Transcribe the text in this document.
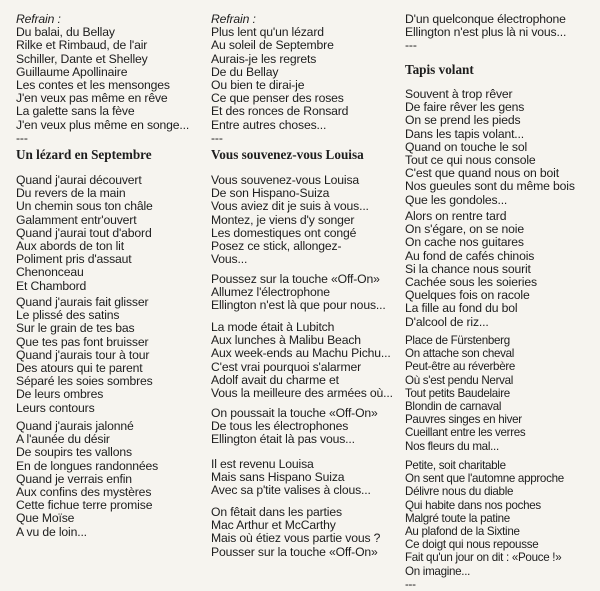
Refrain :
Du balai, du Bellay
Rilke et Rimbaud, de l'air
Schiller, Dante et Shelley
Guillaume Apollinaire
Les contes et les mensonges
J'en veux pas même en rêve
La galette sans la fève
J'en veux plus même en songe...
---
Un lézard en Septembre
Quand j'aurai découvert
Du revers de la main
Un chemin sous ton châle
Galamment entr'ouvert
Quand j'aurai tout d'abord
Aux abords de ton lit
Poliment pris d'assaut
Chenonceau
Et Chambord
Quand j'aurais fait glisser
Le plissé des satins
Sur le grain de tes bas
Que tes pas font bruisser
Quand j'aurais tour à tour
Des atours qui te parent
Séparé les soies sombres
De leurs ombres
Leurs contours
Quand j'aurais jalonné
A l'aunée du désir
De soupirs tes vallons
En de longues randonnées
Quand je verrais enfin
Aux confins des mystères
Cette fichue terre promise
Que Moïse
A vu de loin...
Refrain :
Plus lent qu'un lézard
Au soleil de Septembre
Aurais-je les regrets
De du Bellay
Ou bien te dirai-je
Ce que penser des roses
Et des ronces de Ronsard
Entre autres choses...
---
Vous souvenez-vous Louisa
Vous souvenez-vous Louisa
De son Hispano-Suiza
Vous aviez dit je suis à vous...
Montez, je viens d'y songer
Les domestiques ont congé
Posez ce stick, allongez-
Vous...
Poussez sur la touche «Off-On»
Allumez l'électrophone
Ellington n'est là que pour nous...
La mode était à Lubitch
Aux lunches à Malibu Beach
Aux week-ends au Machu Pichu...
C'est vrai pourquoi s'alarmer
Adolf avait du charme et
Vous la meilleure des armées où...
On poussait la touche «Off-On»
De tous les électrophones
Ellington était là pas vous...
Il est revenu Louisa
Mais sans Hispano Suiza
Avec sa p'tite valises à clous...
On fêtait dans les parties
Mac Arthur et McCarthy
Mais où étiez vous partie vous ?
Pousser sur la touche «Off-On»
D'un quelconque électrophone
Ellington n'est plus là ni vous...
---
Tapis volant
Souvent à trop rêver
De faire rêver les gens
On se prend les pieds
Dans les tapis volant...
Quand on touche le sol
Tout ce qui nous console
C'est que quand nous on boit
Nos gueules sont du même bois
Que les gondoles...
Alors on rentre tard
On s'égare, on se noie
On cache nos guitares
Au fond de cafés chinois
Si la chance nous sourit
Cachée sous les soieries
Quelques fois on racole
La fille au fond du bol
D'alcool de riz...
Place de Fürstenberg
On attache son cheval
Peut-être au réverbère
Où s'est pendu Nerval
Tout petits Baudelaire
Blondin de carnaval
Pauvres singes en hiver
Cueillant entre les verres
Nos fleurs du mal...
Petite, soit charitable
On sent que l'automne approche
Délivre nous du diable
Qui habite dans nos poches
Malgré toute la patine
Au plafond de la Sixtine
Ce doigt qui nous repousse
Fait qu'un jour on dit : «Pouce !»
On imagine...
---
